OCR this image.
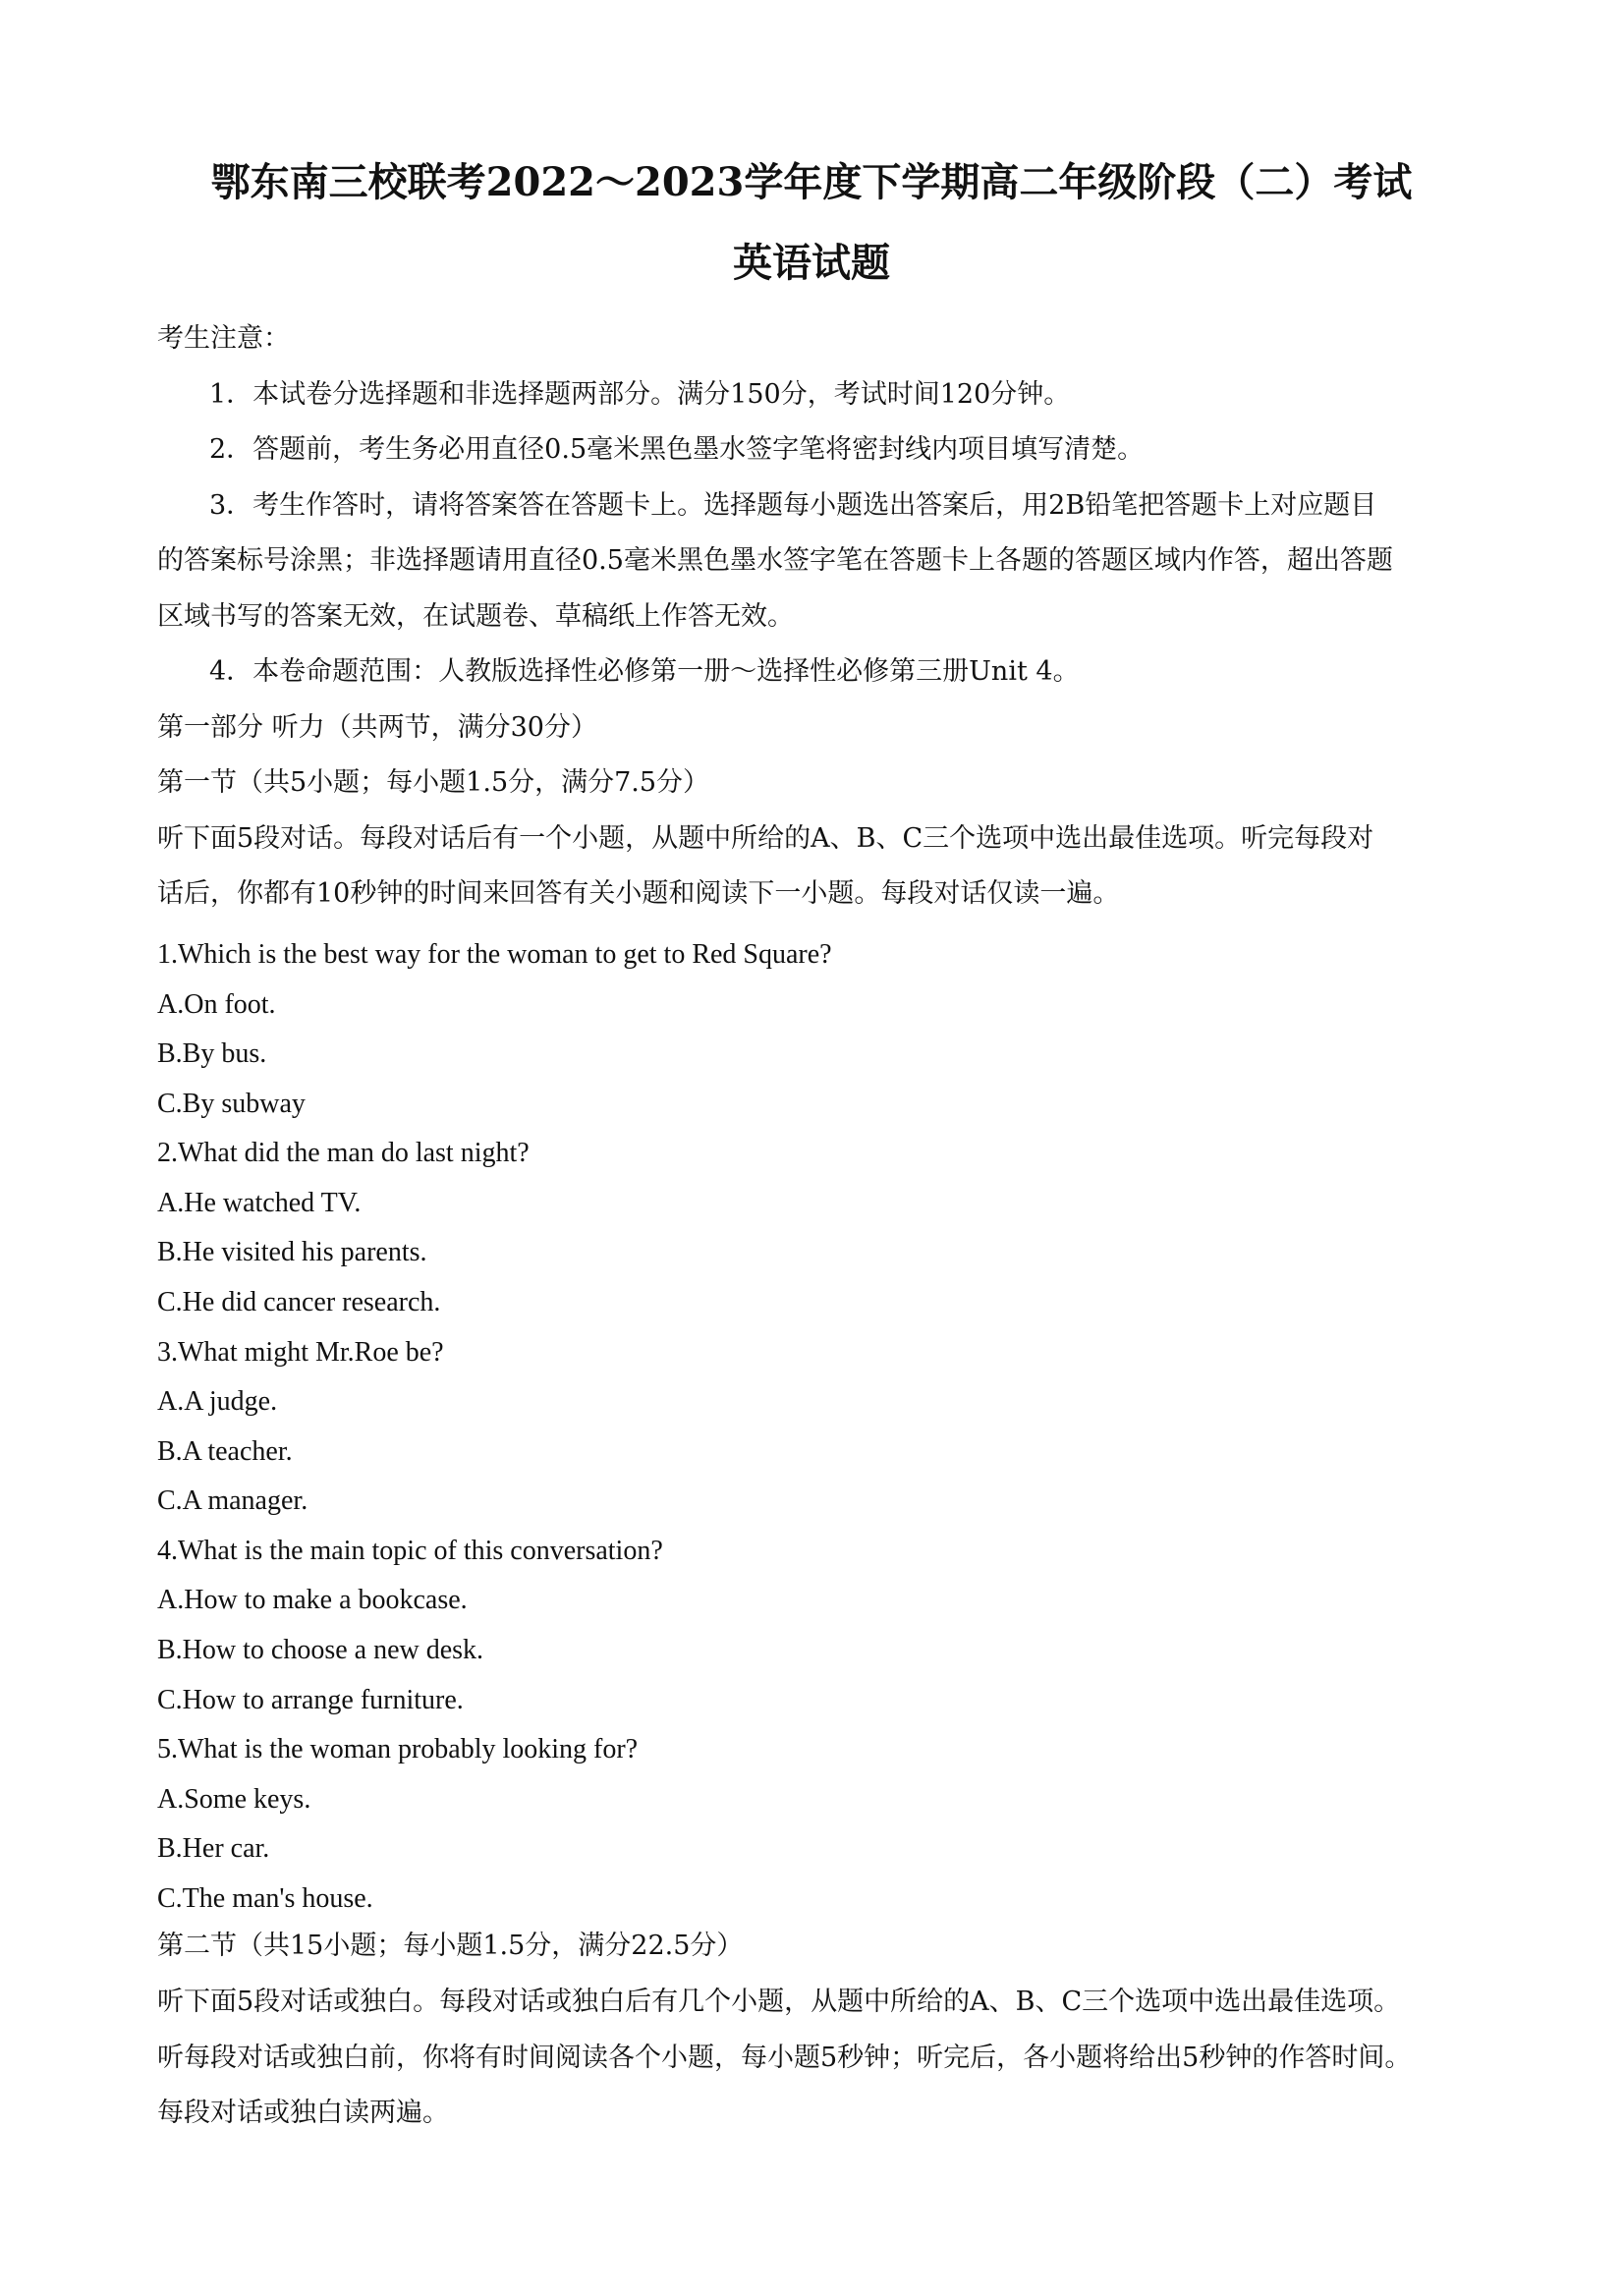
鄂东南三校联考2022～2023学年度下学期高二年级阶段（二）考试
英语试题

考生注意：

1．本试卷分选择题和非选择题两部分。满分150分，考试时间120分钟。

2．答题前，考生务必用直径0.5毫米黑色墨水签字笔将密封线内项目填写清楚。

3．考生作答时，请将答案答在答题卡上。选择题每小题选出答案后，用2B铅笔把答题卡上对应题目

的答案标号涂黑；非选择题请用直径0.5毫米黑色墨水签字笔在答题卡上各题的答题区域内作答，超出答题

区域书写的答案无效，在试题卷、草稿纸上作答无效。

4．本卷命题范围：人教版选择性必修第一册～选择性必修第三册Unit 4。

第一部分 听力（共两节，满分30分）

第一节（共5小题；每小题1.5分，满分7.5分）

听下面5段对话。每段对话后有一个小题，从题中所给的A、B、C三个选项中选出最佳选项。听完每段对

话后，你都有10秒钟的时间来回答有关小题和阅读下一小题。每段对话仅读一遍。

1.Which is the best way for the woman to get to Red Square?

A.On foot.

B.By bus.

C.By subway

2.What did the man do last night?

A.He watched TV.

B.He visited his parents.

C.He did cancer research.

3.What might Mr.Roe be?

A.A judge.

B.A teacher.

C.A manager.

4.What is the main topic of this conversation?

A.How to make a bookcase.

B.How to choose a new desk.

C.How to arrange furniture.

5.What is the woman probably looking for?

A.Some keys.

B.Her car.

C.The man's house.

第二节（共15小题；每小题1.5分，满分22.5分）

听下面5段对话或独白。每段对话或独白后有几个小题，从题中所给的A、B、C三个选项中选出最佳选项。

听每段对话或独白前，你将有时间阅读各个小题，每小题5秒钟；听完后，各小题将给出5秒钟的作答时间。

每段对话或独白读两遍。
